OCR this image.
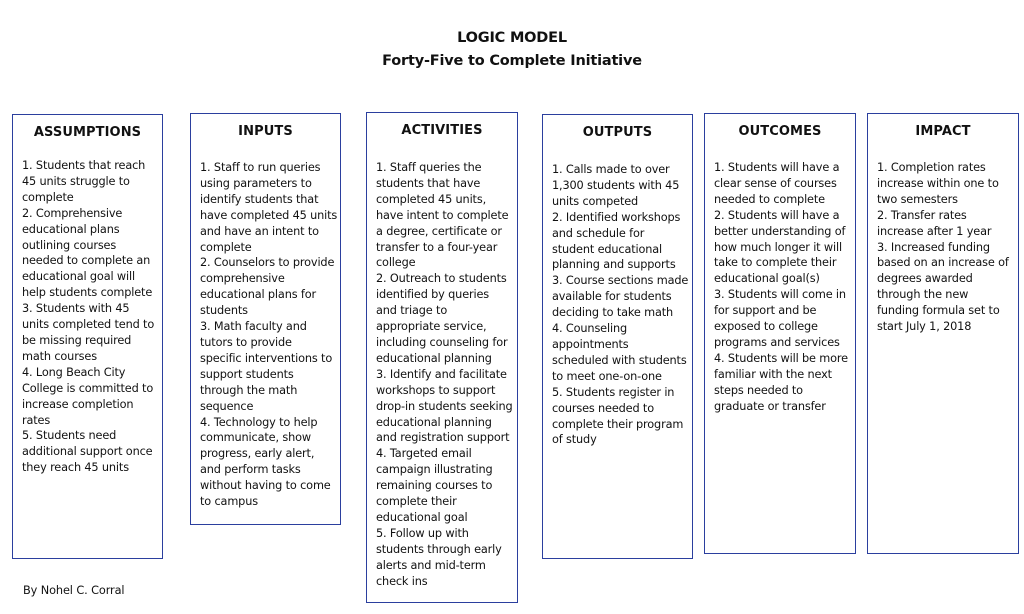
LOGIC MODEL
Forty-Five to Complete Initiative
ASSUMPTIONS
1. Students that reach
45 units struggle to
complete
2. Comprehensive
educational plans
outlining courses
needed to complete an
educational goal will
help students complete
3. Students with 45
units completed tend to
be missing required
math courses
4. Long Beach City
College is committed to
increase completion
rates
5. Students need
additional support once
they reach 45 units
INPUTS
1. Staff to run queries
using parameters to
identify students that
have completed 45 units
and have an intent to
complete
2. Counselors to provide
comprehensive
educational plans for
students
3. Math faculty and
tutors to provide
specific interventions to
support students
through the math
sequence
4. Technology to help
communicate, show
progress, early alert,
and perform tasks
without having to come
to campus
ACTIVITIES
1. Staff queries the
students that have
completed 45 units,
have intent to complete
a degree, certificate or
transfer to a four-year
college
2. Outreach to students
identified by queries
and triage to
appropriate service,
including counseling for
educational planning
3. Identify and facilitate
workshops to support
drop-in students seeking
educational planning
and registration support
4. Targeted email
campaign illustrating
remaining courses to
complete their
educational goal
5. Follow up with
students through early
alerts and mid-term
check ins
OUTPUTS
1. Calls made to over
1,300 students with 45
units competed
2. Identified workshops
and schedule for
student educational
planning and supports
3. Course sections made
available for students
deciding to take math
4. Counseling
appointments
scheduled with students
to meet one-on-one
5. Students register in
courses needed to
complete their program
of study
OUTCOMES
1. Students will have a
clear sense of courses
needed to complete
2. Students will have a
better understanding of
how much longer it will
take to complete their
educational goal(s)
3. Students will come in
for support and be
exposed to college
programs and services
4. Students will be more
familiar with the next
steps needed to
graduate or transfer
IMPACT
1. Completion rates
increase within one to
two semesters
2. Transfer rates
increase after 1 year
3. Increased funding
based on an increase of
degrees awarded
through the new
funding formula set to
start July 1, 2018
By Nohel C. Corral
